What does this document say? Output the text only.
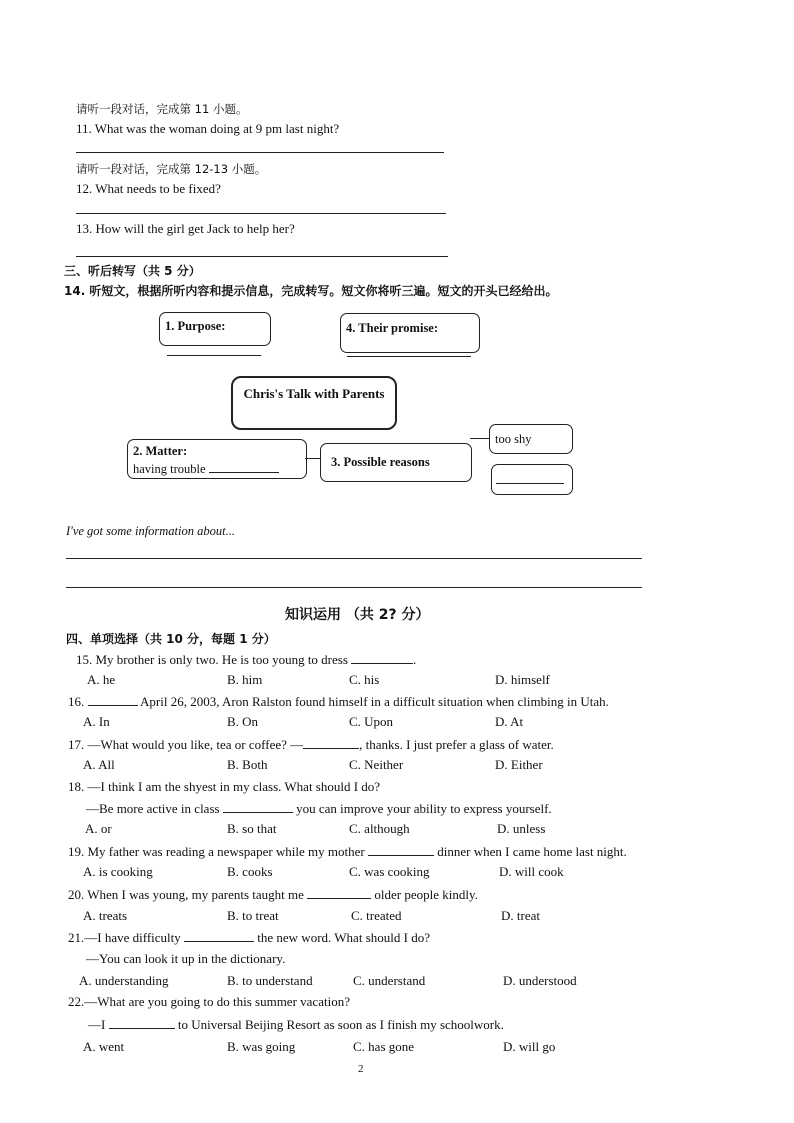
请听一段对话，完成第 11 小题。
11. What was the woman doing at 9 pm last night?
请听一段对话，完成第 12-13 小题。
12. What needs to be fixed?
13. How will the girl get Jack to help her?
三、听后转写（共 5 分）
14. 听短文，根据所听内容和提示信息，完成转写。短文你将听三遍。短文的开头已经给出。
1. Purpose:	4. Their promise:
Chris's Talk with Parents
2. Matter:
having trouble	3. Possible reasons
too shy
I've got some information about...
知识运用 （共 2? 分）
四、单项选择（共 10 分，每题 1 分）
15. My brother is only two. He is too young to dress	.
A. he	B. him	C. his	D. himself
16.	April 26, 2003, Aron Ralston found himself in a difficult situation when climbing in Utah.
A. In	B. On	C. Upon	D. At
17. —What would you like, tea or coffee? —	, thanks. I just prefer a glass of water.
A. All	B. Both	C. Neither	D. Either
18. —I think I am the shyest in my class. What should I do?
—Be more active in class	you can improve your ability to express yourself.
A. or	B. so that	C. although	D. unless
19. My father was reading a newspaper while my mother	dinner when I came home last night.
A. is cooking	B. cooks	C. was cooking	D. will cook
20. When I was young, my parents taught me	older people kindly.
A. treats	B. to treat	C. treated	D. treat
21.—I have difficulty	the new word. What should I do?
—You can look it up in the dictionary.
A. understanding	B. to understand	C. understand	D. understood
22.—What are you going to do this summer vacation?
—I	to Universal Beijing Resort as soon as I finish my schoolwork.
A. went	B. was going	C. has gone	D. will go
2
